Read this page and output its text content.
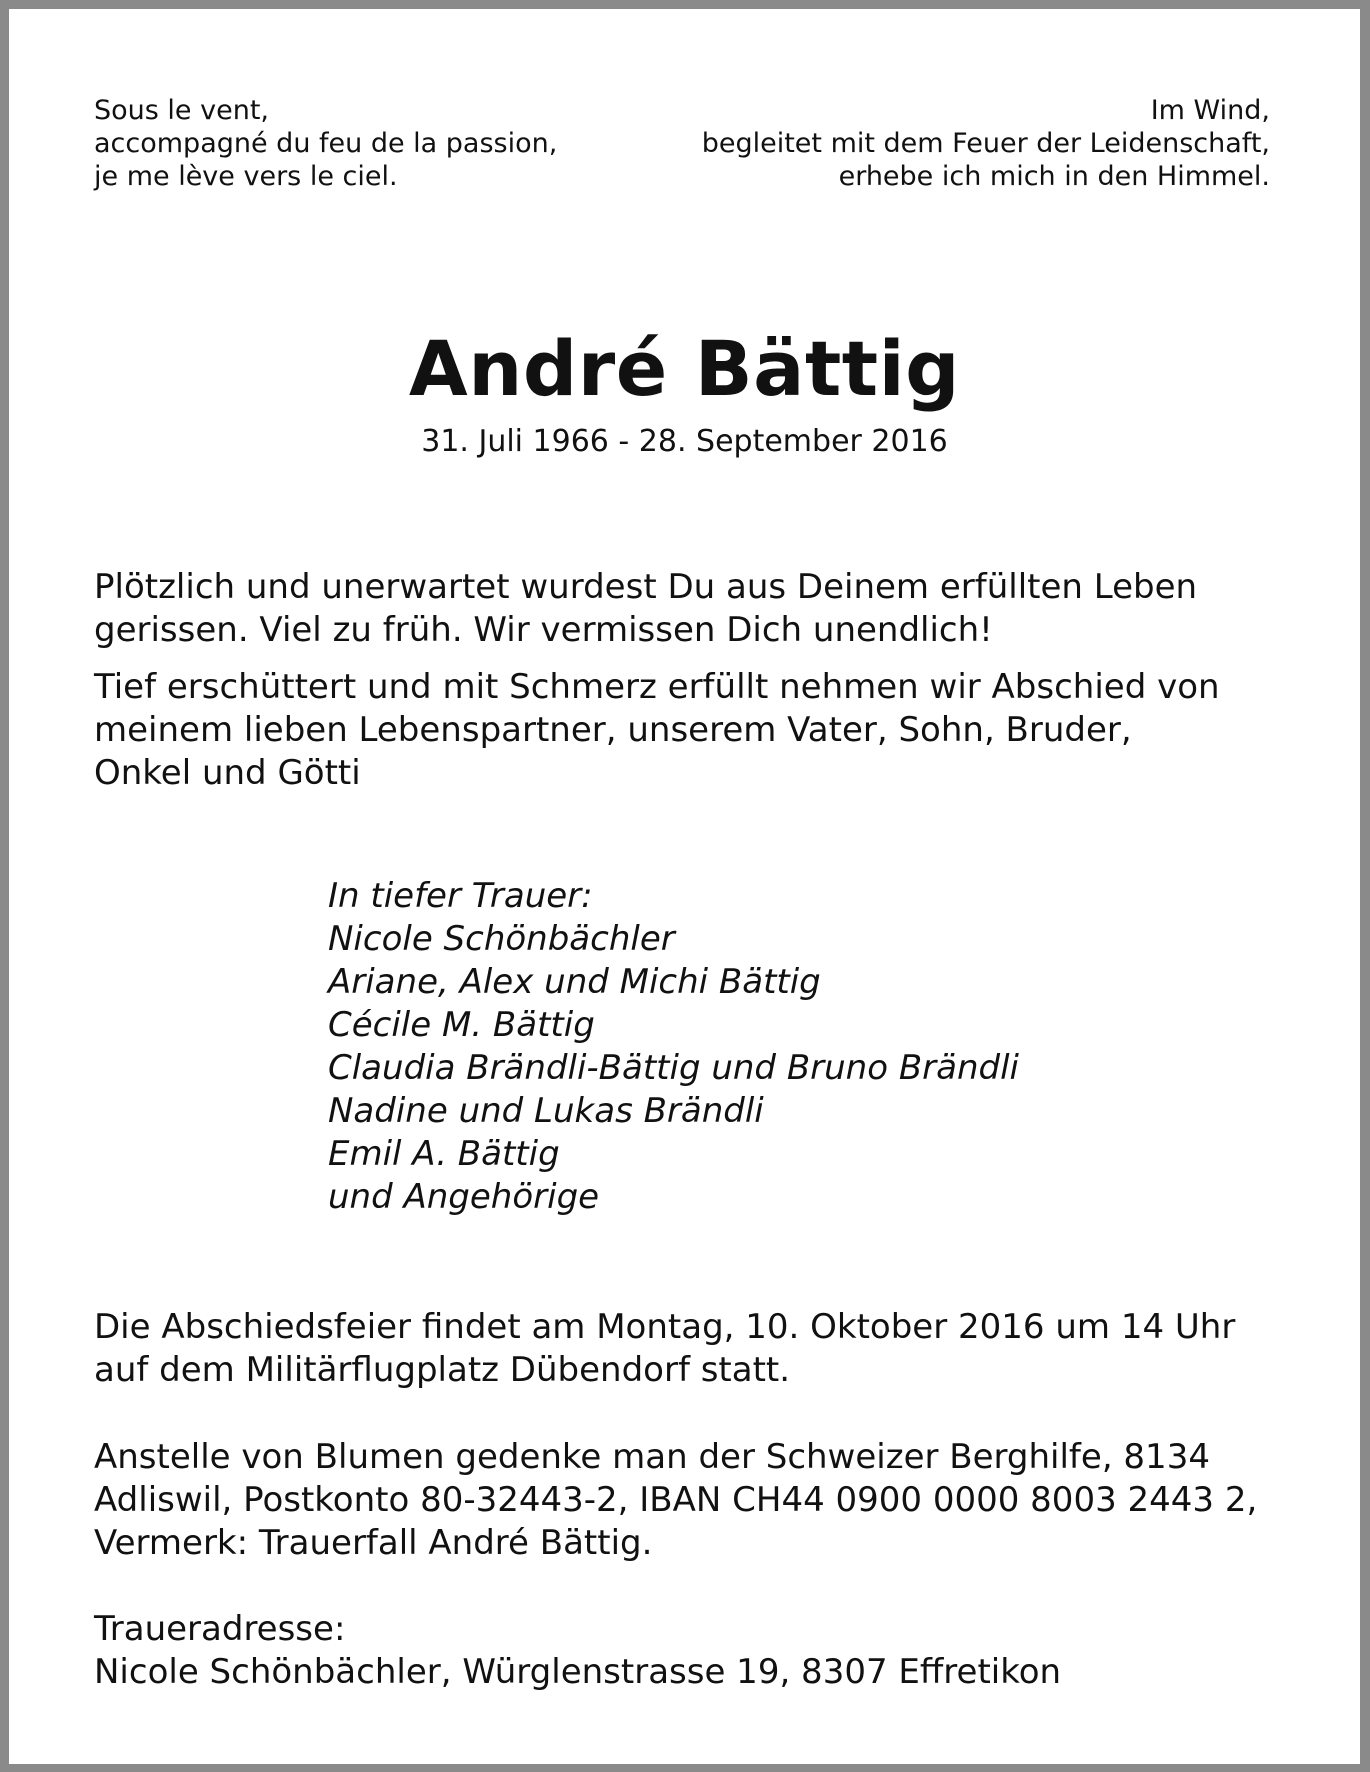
Sous le vent,
accompagné du feu de la passion,
je me lève vers le ciel.
Im Wind,
begleitet mit dem Feuer der Leidenschaft,
erhebe ich mich in den Himmel.
André Bättig
31. Juli 1966 - 28. September 2016
Plötzlich und unerwartet wurdest Du aus Deinem erfüllten Leben
gerissen. Viel zu früh. Wir vermissen Dich unendlich!
Tief erschüttert und mit Schmerz erfüllt nehmen wir Abschied von
meinem lieben Lebenspartner, unserem Vater, Sohn, Bruder,
Onkel und Götti
In tiefer Trauer:
Nicole Schönbächler
Ariane, Alex und Michi Bättig
Cécile M. Bättig
Claudia Brändli-Bättig und Bruno Brändli
Nadine und Lukas Brändli
Emil A. Bättig
und Angehörige
Die Abschiedsfeier findet am Montag, 10. Oktober 2016 um 14 Uhr
auf dem Militärflugplatz Dübendorf statt.
Anstelle von Blumen gedenke man der Schweizer Berghilfe, 8134
Adliswil, Postkonto 80-32443-2, IBAN CH44 0900 0000 8003 2443 2,
Vermerk: Trauerfall André Bättig.
Traueradresse:
Nicole Schönbächler, Würglenstrasse 19, 8307 Effretikon
